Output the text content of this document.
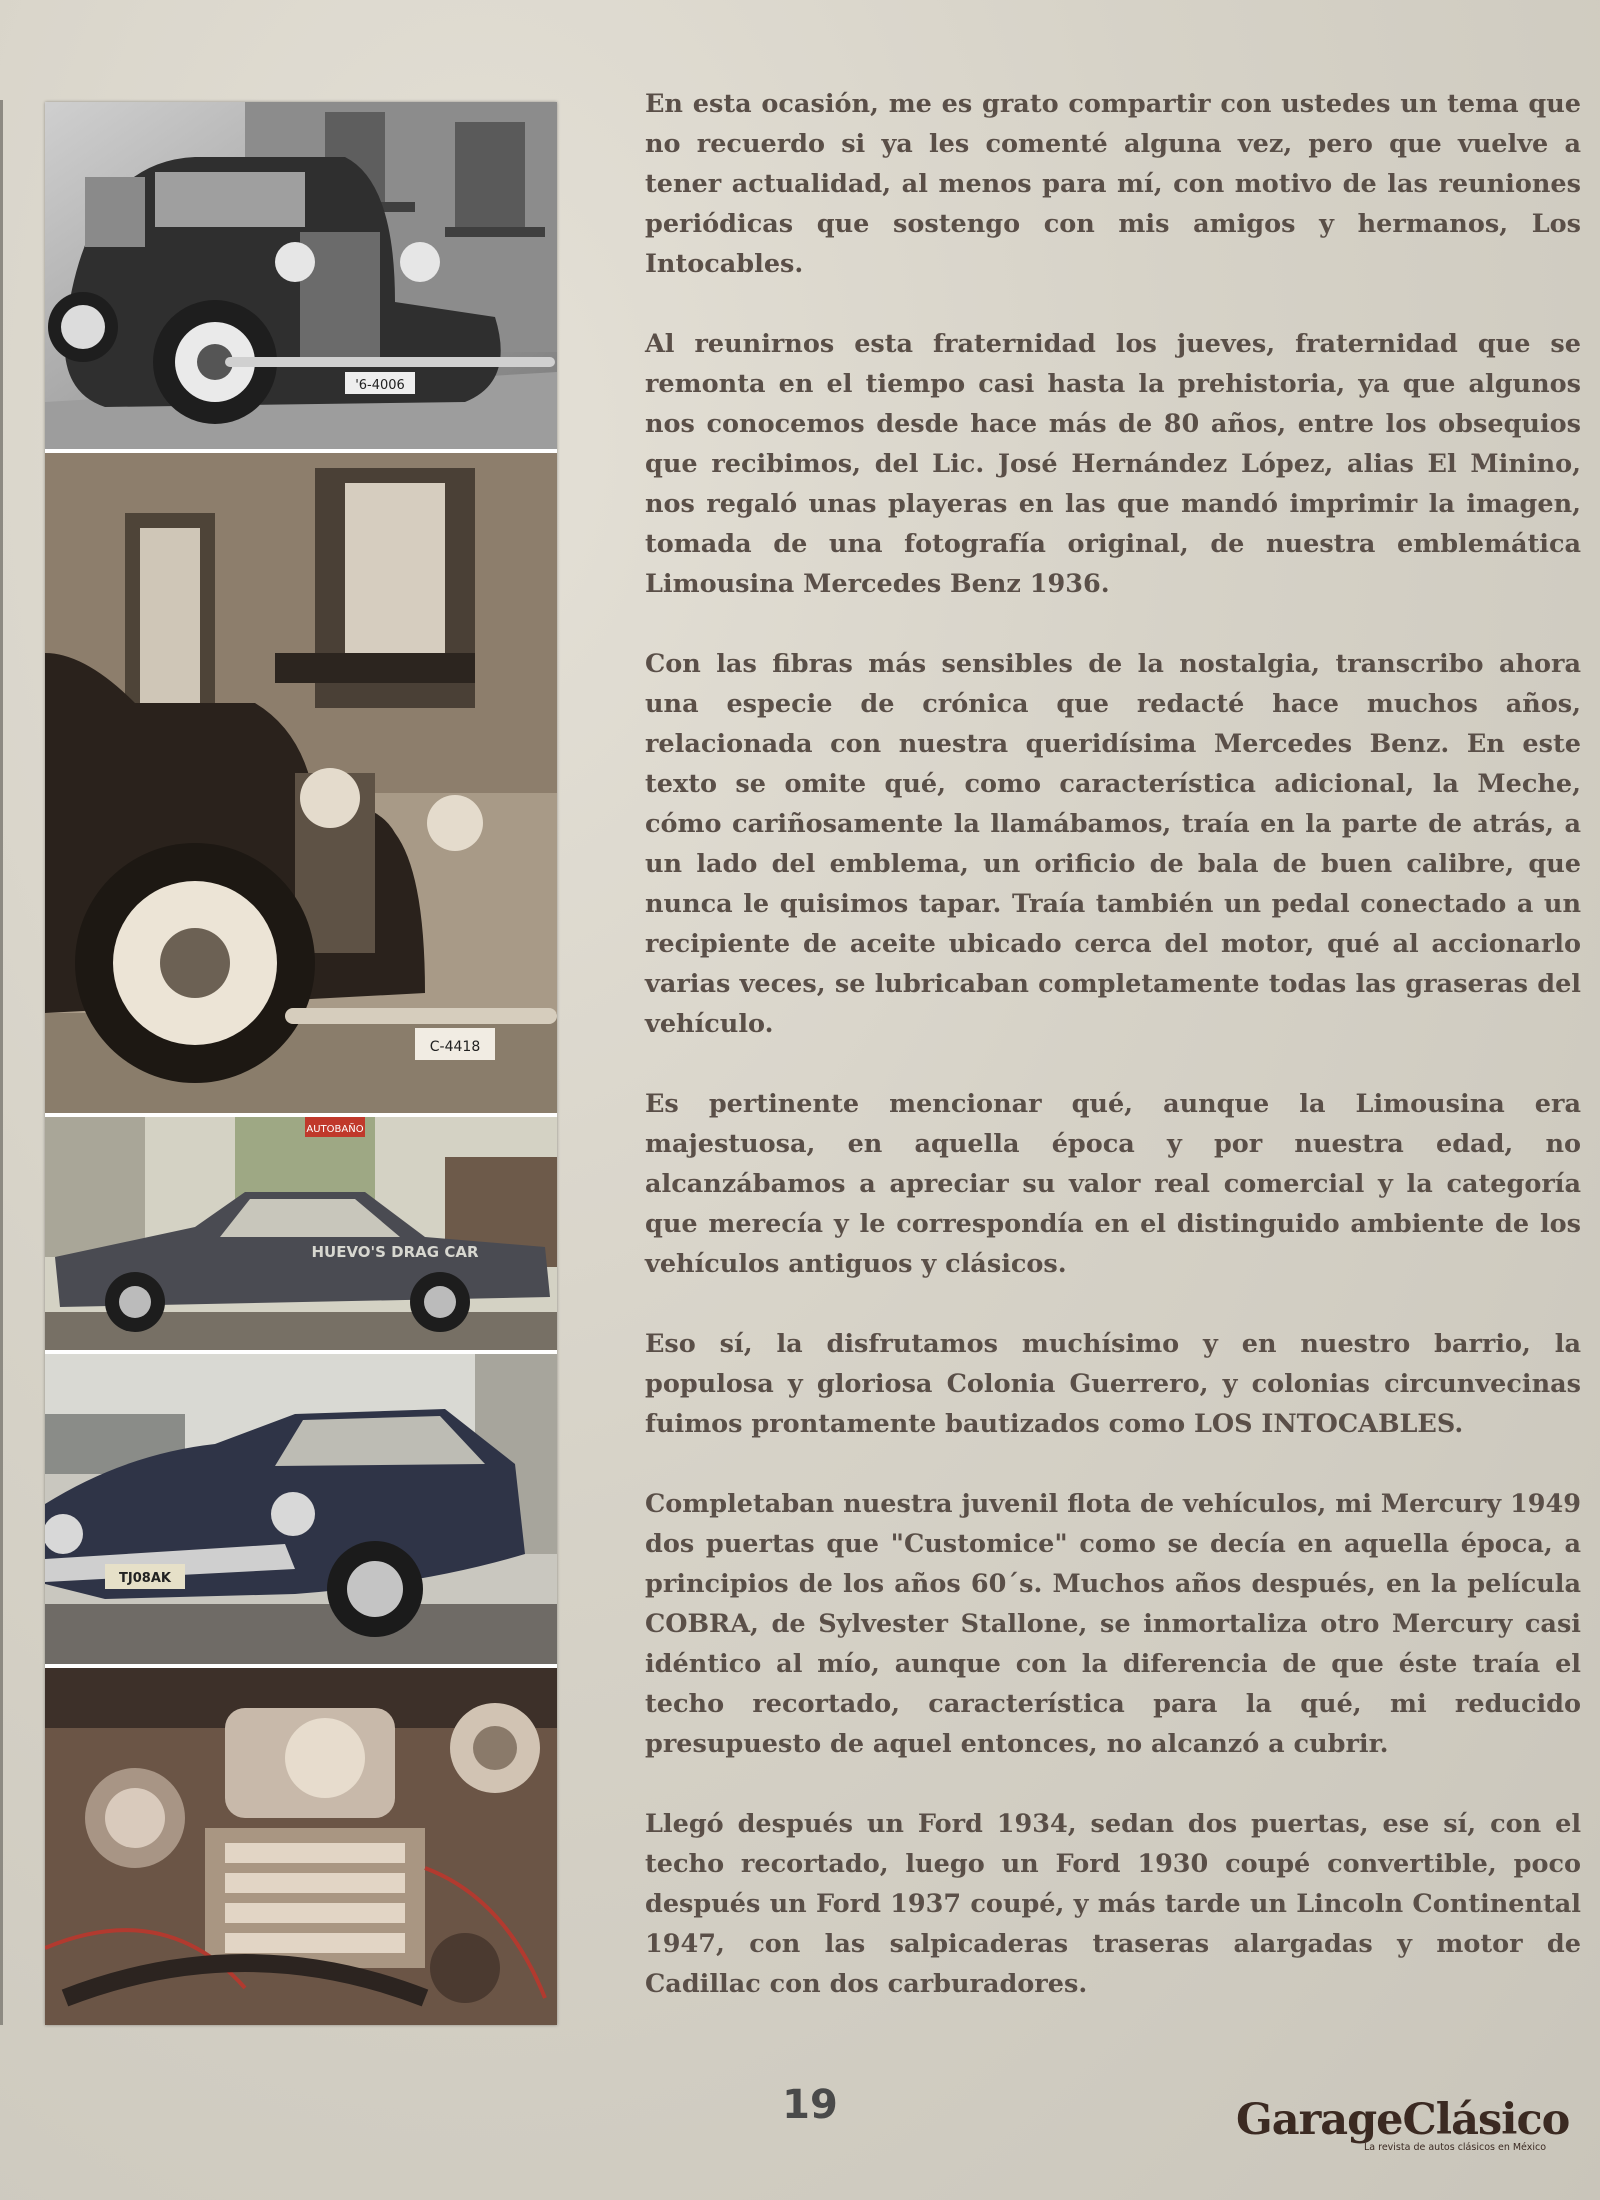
'6-4006
C-4418
AUTOBAÑO
HUEVO'S DRAG CAR
TJ08AK

En esta ocasión, me es grato compartir con ustedes un tema que no recuerdo si ya les comenté alguna vez, pero que vuelve a tener actualidad, al menos para mí, con motivo de las reuniones periódicas que sostengo con mis amigos y hermanos, Los Intocables.

Al reunirnos esta fraternidad los jueves, fraternidad que se remonta en el tiempo casi hasta la prehistoria, ya que algunos nos conocemos desde hace más de 80 años, entre los obsequios que recibimos, del Lic. José Hernández López, alias El Minino, nos regaló unas playeras en las que mandó imprimir la imagen, tomada de una fotografía original, de nuestra emblemática Limousina Mercedes Benz 1936.

Con las fibras más sensibles de la nostalgia, transcribo ahora una especie de crónica que redacté hace muchos años, relacionada con nuestra queridísima Mercedes Benz. En este texto se omite qué, como característica adicional, la Meche, cómo cariñosamente la llamábamos, traía en la parte de atrás, a un lado del emblema, un orificio de bala de buen calibre, que nunca le quisimos tapar. Traía también un pedal conectado a un recipiente de aceite ubicado cerca del motor, qué al accionarlo varias veces, se lubricaban completamente todas las graseras del vehículo.

Es pertinente mencionar qué, aunque la Limousina era majestuosa, en aquella época y por nuestra edad, no alcanzábamos a apreciar su valor real comercial y la categoría que merecía y le correspondía en el distinguido ambiente de los vehículos antiguos y clásicos.

Eso sí, la disfrutamos muchísimo y en nuestro barrio, la populosa y gloriosa Colonia Guerrero, y colonias circunvecinas fuimos prontamente bautizados como LOS INTOCABLES.

Completaban nuestra juvenil flota de vehículos, mi Mercury 1949 dos puertas que "Customice" como se decía en aquella época, a principios de los años 60´s. Muchos años después, en la película COBRA, de Sylvester Stallone, se inmortaliza otro Mercury casi idéntico al mío, aunque con la diferencia de que éste traía el techo recortado, característica para la qué, mi reducido presupuesto de aquel entonces, no alcanzó a cubrir.

Llegó después un Ford 1934, sedan dos puertas, ese sí, con el techo recortado, luego un Ford 1930 coupé convertible, poco después un Ford 1937 coupé, y más tarde un Lincoln Continental 1947, con las salpicaderas traseras alargadas y motor de Cadillac con dos carburadores.

19	GarageClásico
La revista de autos clásicos en México
